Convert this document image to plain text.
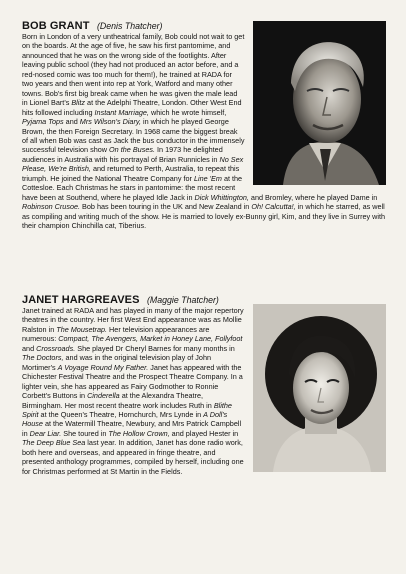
BOB GRANT (Denis Thatcher)

Born in London of a very untheatrical family, Bob could not wait to get on the boards. At the age of five, he saw his first pantomime, and announced that he was on the wrong side of the footlights. After leaving public school (they had not produced an actor before, and a red-nosed comic was too much for them!), he trained at RADA for two years and then went into rep at York, Watford and many other towns. Bob's first big break came when he was given the male lead in Lionel Bart's Blitz at the Adelphi Theatre, London. Other West End hits followed including Instant Marriage, which he wrote himself, Pyjama Tops and Mrs Wilson's Diary, in which he played George Brown, the then Foreign Secretary. In 1968 came the biggest break of all when Bob was cast as Jack the bus conductor in the immensely successful television show On the Buses. In 1973 he delighted audiences in Australia with his portrayal of Brian Runnicles in No Sex Please, We're British, and returned to Perth, Australia, to repeat this triumph. He joined the National Theatre Company for Line 'Em at the Cottesloe. Each Christmas he stars in pantomime: the most recent have been at Southend, where he played Idle Jack in Dick Whittington, and Bromley, where he played Dame in Robinson Crusoe. Bob has been touring in the UK and New Zealand in Oh! Calcutta!, in which he starred, as well as compiling and writing much of the show. He is married to lovely ex-Bunny girl, Kim, and they live in Surrey with their champion Chinchilla cat, Tiberius.

JANET HARGREAVES (Maggie Thatcher)

Janet trained at RADA and has played in many of the major repertory theatres in the country. Her first West End appearance was as Mollie Ralston in The Mousetrap. Her television appearances are numerous: Compact, The Avengers, Market in Honey Lane, Follyfoot and Crossroads. She played Dr Cheryl Barnes for many months in The Doctors, and was in the original television play of John Mortimer's A Voyage Round My Father. Janet has appeared with the Chichester Festival Theatre and the Prospect Theatre Company. In a lighter vein, she has appeared as Fairy Godmother to Ronnie Corbett's Buttons in Cinderella at the Alexandra Theatre, Birmingham. Her most recent theatre work includes Ruth in Blithe Spirit at the Queen's Theatre, Hornchurch, Mrs Lynde in A Doll's House at the Watermill Theatre, Newbury, and Mrs Patrick Campbell in Dear Liar. She toured in The Hollow Crown, and played Hester in The Deep Blue Sea last year. In addition, Janet has done radio work, both here and overseas, and appeared in fringe theatre, and presented anthology programmes, compiled by herself, including one for Christmas performed at St Martin in the Fields.
